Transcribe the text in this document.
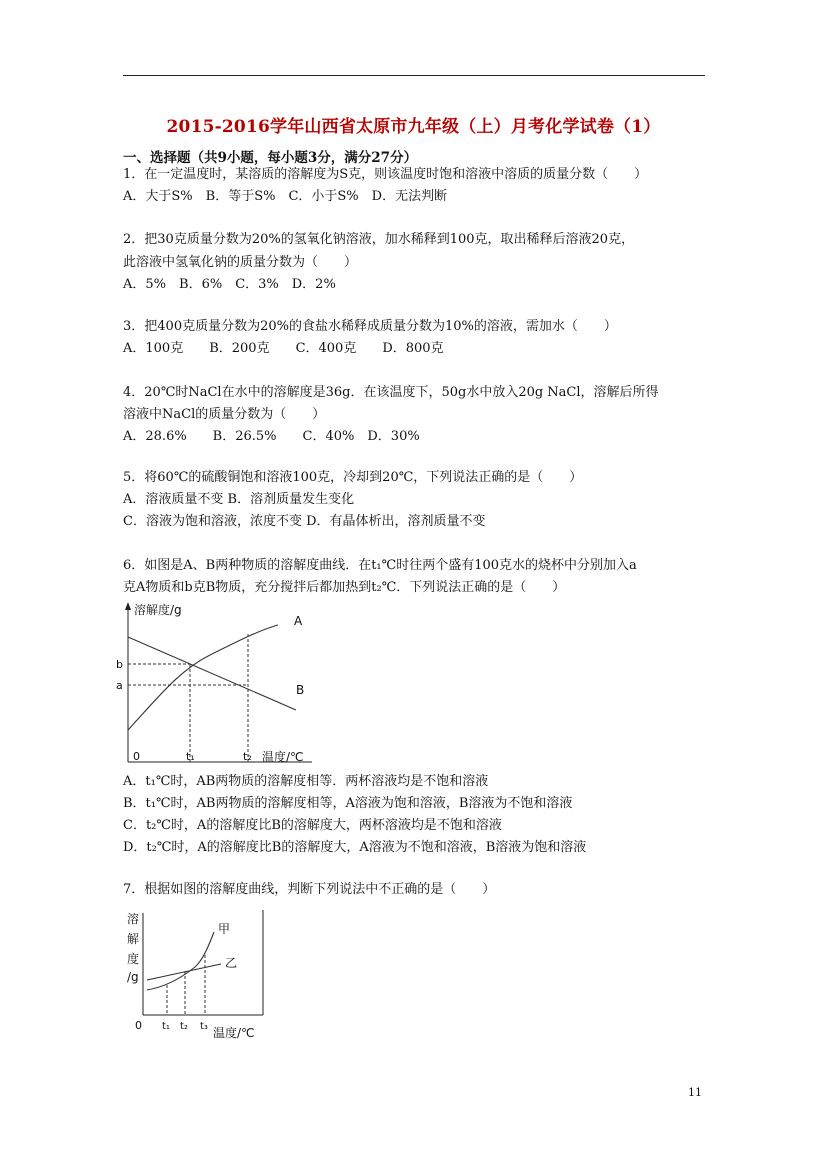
2015-2016学年山西省太原市九年级（上）月考化学试卷（1）
一、选择题（共9小题，每小题3分，满分27分）
1．在一定温度时，某溶质的溶解度为S克，则该温度时饱和溶液中溶质的质量分数（　　）
A．大于S%　B．等于S%　C．小于S%　D．无法判断
2．把30克质量分数为20%的氢氧化钠溶液，加水稀释到100克，取出稀释后溶液20克，
此溶液中氢氧化钠的质量分数为（　　）
A．5%　B．6%　C．3%　D．2%
3．把400克质量分数为20%的食盐水稀释成质量分数为10%的溶液，需加水（　　）
A．100克　　B．200克　　C．400克　　D．800克
4．20℃时NaCl在水中的溶解度是36g．在该温度下，50g水中放入20g NaCl，溶解后所得
溶液中NaCl的质量分数为（　　）
A．28.6%　　B．26.5%　　C．40%　D．30%
5．将60℃的硫酸铜饱和溶液100克，冷却到20℃，下列说法正确的是（　　）
A．溶液质量不变 B．溶剂质量发生变化
C．溶液为饱和溶液，浓度不变 D．有晶体析出，溶剂质量不变
6．如图是A、B两种物质的溶解度曲线．在t₁℃时往两个盛有100克水的烧杯中分别加入a
克A物质和b克B物质，充分搅拌后都加热到t₂℃．下列说法正确的是（　　）
溶解度/g
A
B
b
a
0	t₁	t₂ 温度/℃
A．t₁℃时，AB两物质的溶解度相等．两杯溶液均是不饱和溶液
B．t₁℃时，AB两物质的溶解度相等，A溶液为饱和溶液，B溶液为不饱和溶液
C．t₂℃时，A的溶解度比B的溶解度大，两杯溶液均是不饱和溶液
D．t₂℃时，A的溶解度比B的溶解度大，A溶液为不饱和溶液，B溶液为饱和溶液
7．根据如图的溶解度曲线，判断下列说法中不正确的是（　　）
溶
解
度
/g
甲
乙
0 t₁ t₂ t₃ 温度/℃
11
